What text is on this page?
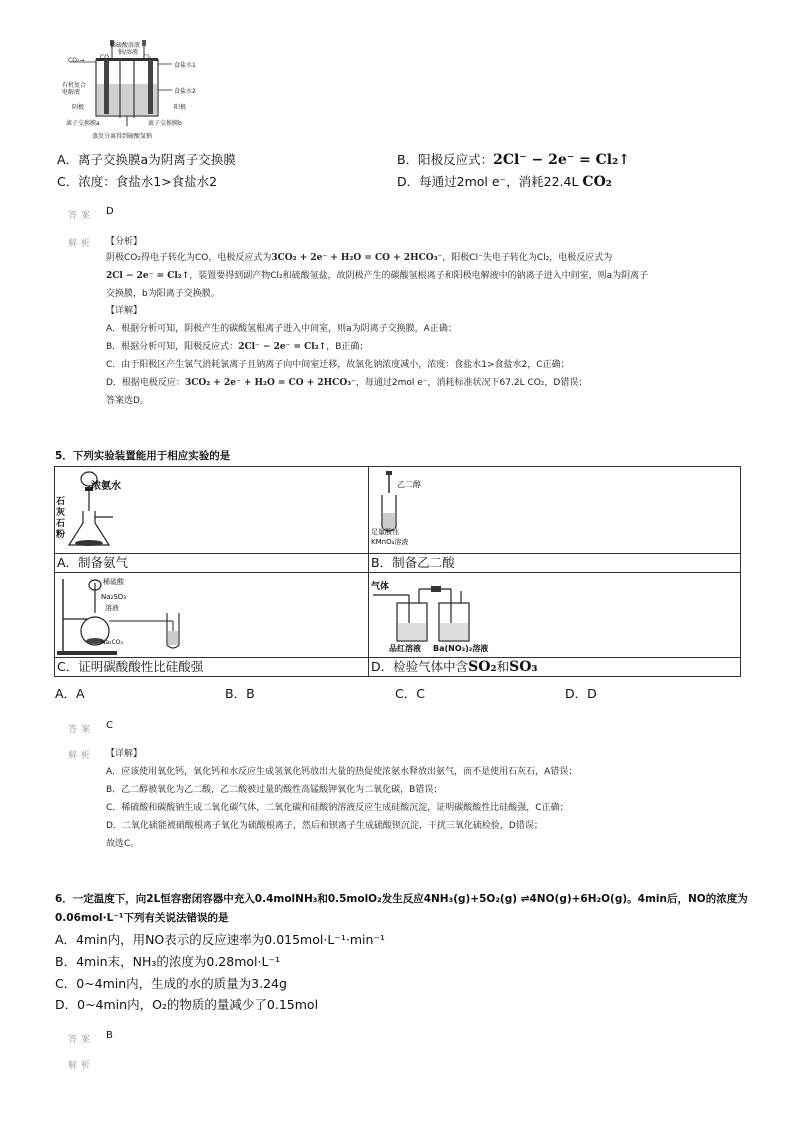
稀硫酸溶液
钠/溶液
CO₂→	CO	Cl₂
食盐水1
有机复合
电解液	食盐水2
阴极	阳极
离子交换膜a	离子交换膜b
蒸发分离得到硫酸氢钠
A．离子交换膜a为阴离子交换膜	B．阳极反应式：2Cl⁻ − 2e⁻ = Cl₂↑
C．浓度：食盐水1>食盐水2	D．每通过2mol e⁻，消耗22.4L CO₂
答案 D
解析 【分析】
阴极CO₂得电子转化为CO，电极反应式为3CO₂ + 2e⁻ + H₂O = CO + 2HCO₃⁻，阳极Cl⁻失电子转化为Cl₂，电极反应式为
2Cl − 2e⁻ = Cl₂↑，装置要得到副产物Cl₂和硫酸氢盐，故阴极产生的碳酸氢根离子和阳极电解液中的钠离子进入中间室，则a为阴离子
交换膜，b为阳离子交换膜。
【详解】
A．根据分析可知，阴极产生的碳酸氢根离子进入中间室，则a为阴离子交换膜，A正确；
B．根据分析可知，阳极反应式：2Cl⁻ − 2e⁻ = Cl₂↑，B正确；
C．由于阳极区产生氯气消耗氯离子且钠离子向中间室迁移，故氯化钠浓度减小，浓度：食盐水1>食盐水2，C正确；
D．根据电极反应：3CO₂ + 2e⁻ + H₂O = CO + 2HCO₃⁻，每通过2mol e⁻，消耗标准状况下67.2L CO₂，D错误；
答案选D。
5．下列实验装置能用于相应实验的是
浓氨水
石
灰
石
粉	乙二醇
足量酸性
KMnO₄溶液

A．制备氨气	B．制备乙二酸

稀硫酸
Na₂SO₃
溶液
Na₂CO₃	气体
品红溶液 Ba(NO₃)₂溶液

C．证明碳酸酸性比硅酸强	D．检验气体中含SO₂和SO₃
A．A	B．B	C．C	D．D
答案 C
解析 【详解】
A．应该使用氧化钙，氧化钙和水反应生成氢氧化钙放出大量的热促使浓氨水释放出氨气，而不是使用石灰石，A错误；
B．乙二醇被氧化为乙二酸，乙二酸被过量的酸性高锰酸钾氧化为二氧化碳，B错误；
C．稀硫酸和碳酸钠生成二氧化碳气体，二氧化碳和硅酸钠溶液反应生成硅酸沉淀，证明碳酸酸性比硅酸强，C正确；
D．二氧化硫能被硝酸根离子氧化为硫酸根离子，然后和钡离子生成硫酸钡沉淀，干扰三氧化硫检验，D错误；
故选C。
6．一定温度下，向2L恒容密闭容器中充入0.4molNH₃和0.5molO₂发生反应4NH₃(g)+5O₂(g) ⇌4NO(g)+6H₂O(g)。4min后，NO的浓度为
0.06mol·L⁻¹下列有关说法错误的是
A．4min内，用NO表示的反应速率为0.015mol·L⁻¹·min⁻¹
B．4min末，NH₃的浓度为0.28mol·L⁻¹
C．0~4min内，生成的水的质量为3.24g
D．0~4min内，O₂的物质的量减少了0.15mol
答案 B
解析
